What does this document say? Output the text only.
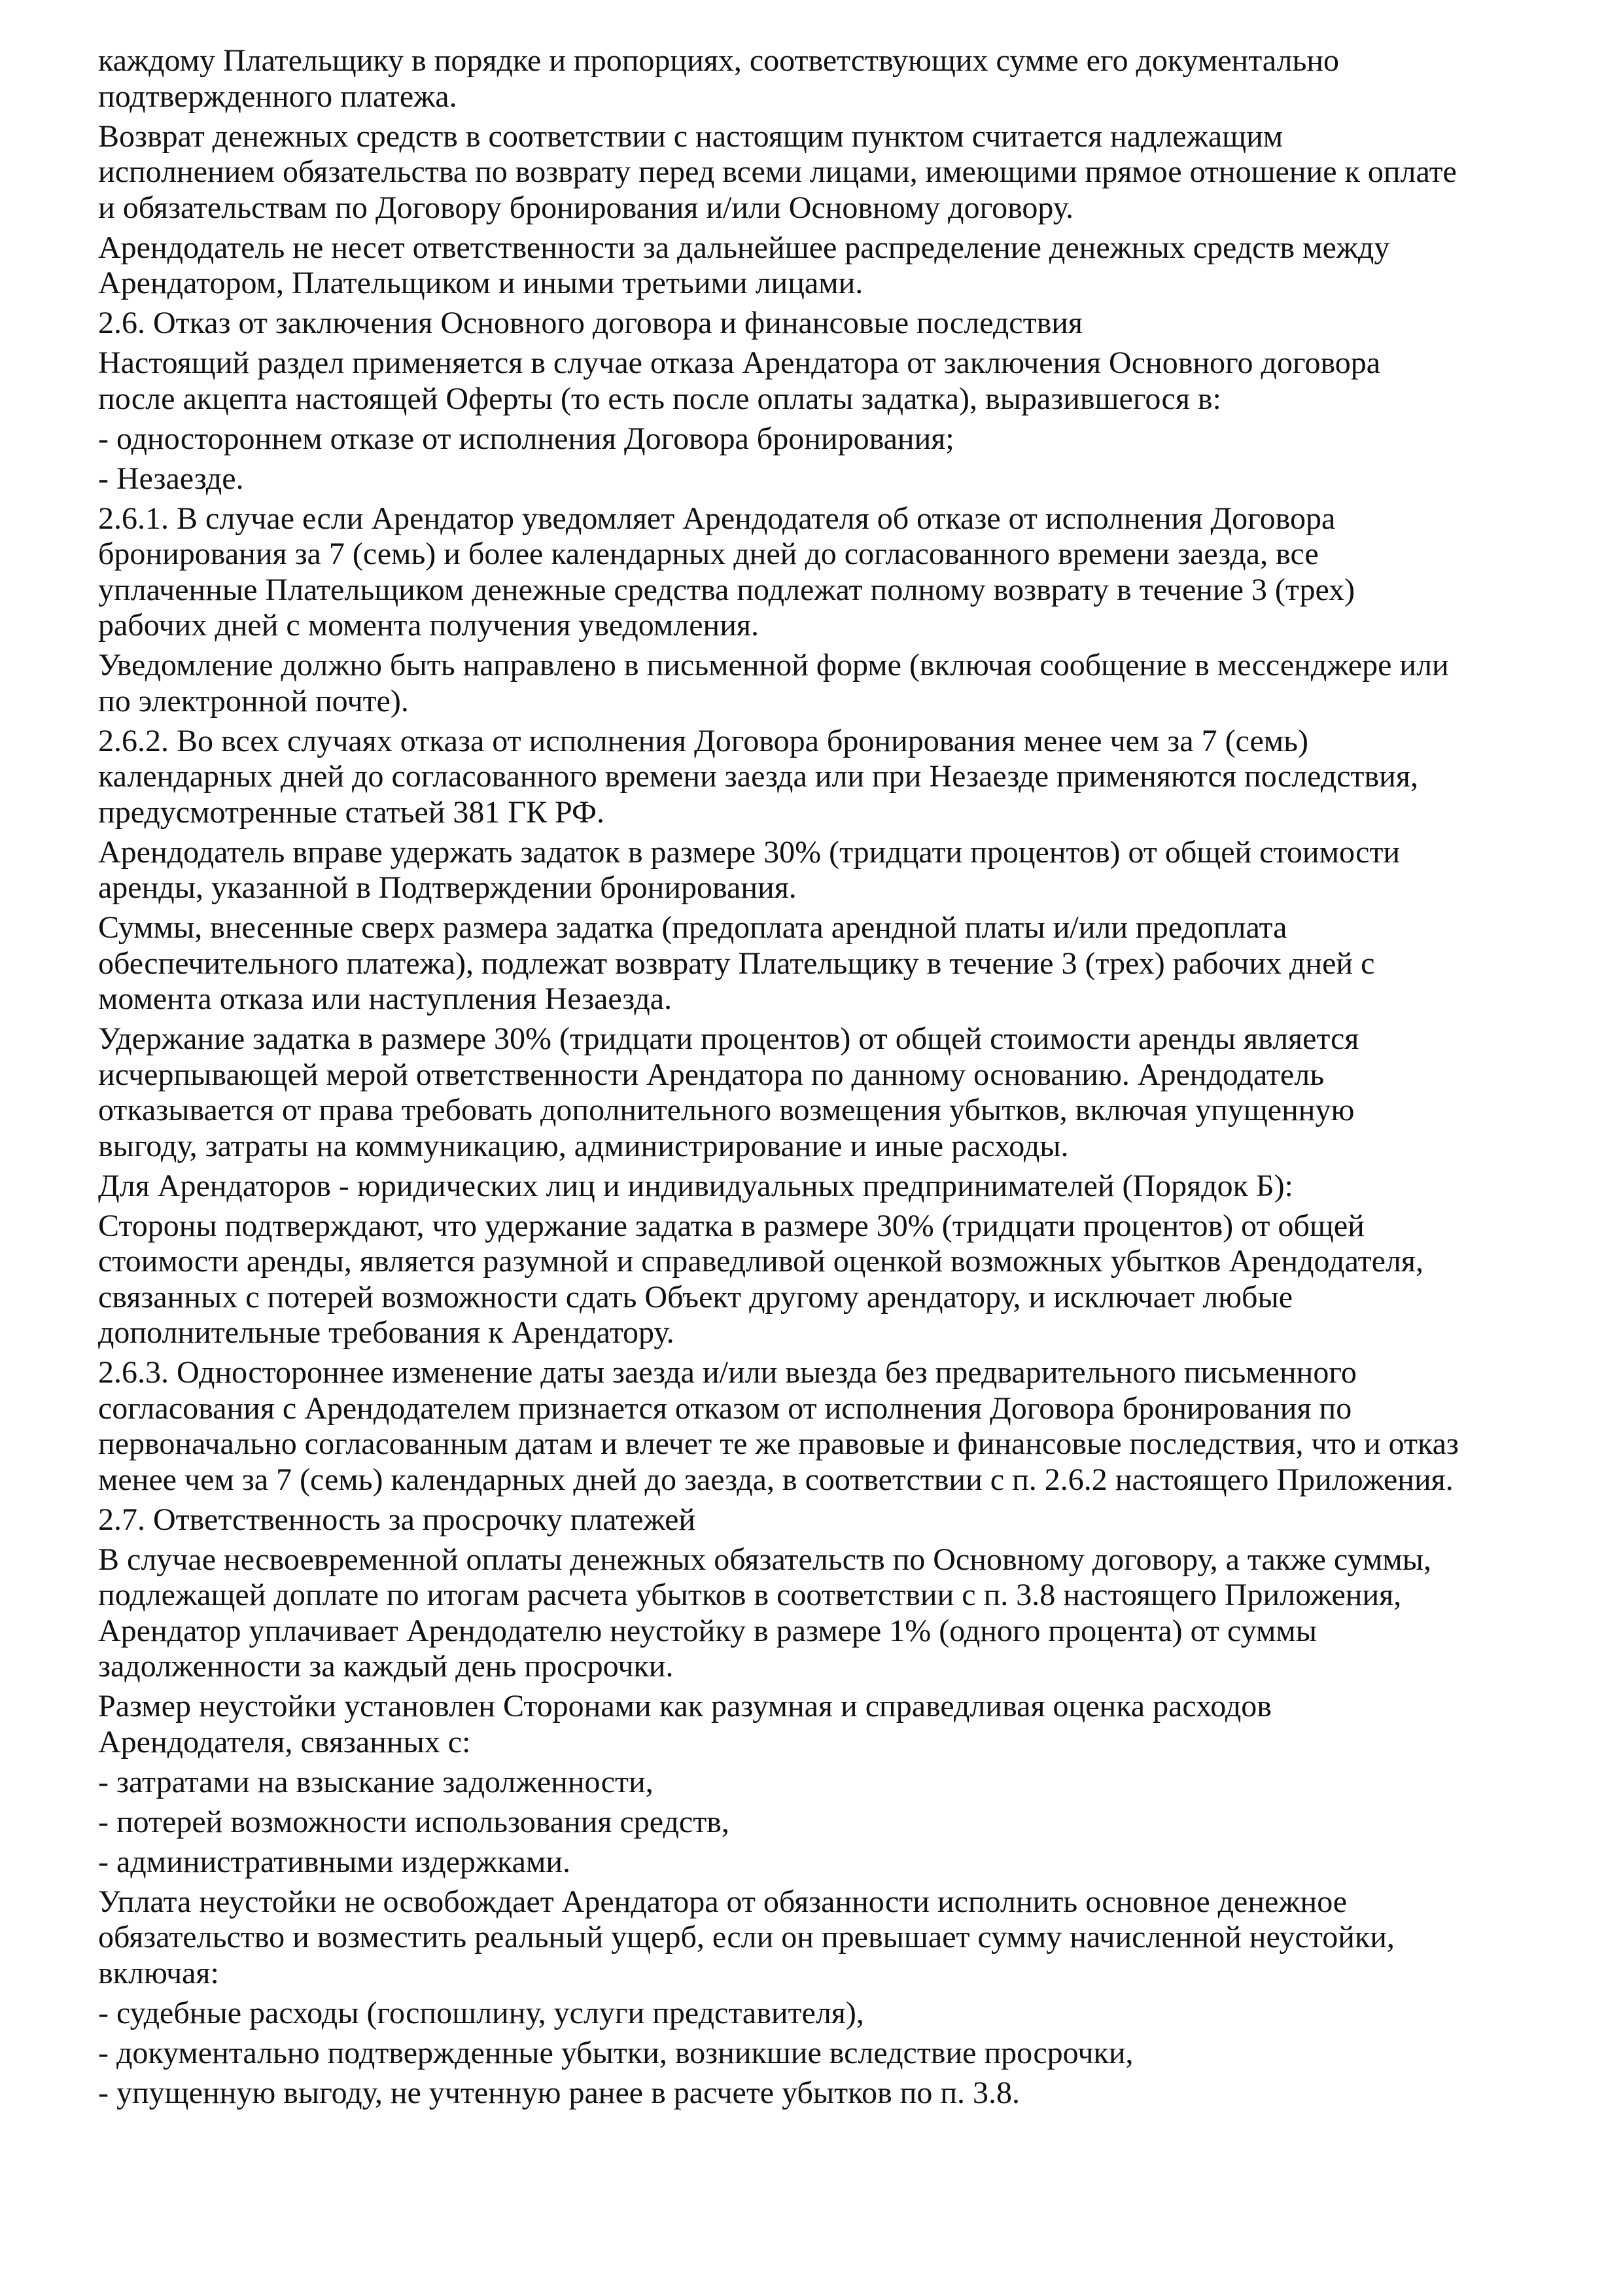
каждому Плательщику в порядке и пропорциях, соответствующих сумме его документально
подтвержденного платежа.
Возврат денежных средств в соответствии с настоящим пунктом считается надлежащим
исполнением обязательства по возврату перед всеми лицами, имеющими прямое отношение к оплате
и обязательствам по Договору бронирования и/или Основному договору.
Арендодатель не несет ответственности за дальнейшее распределение денежных средств между
Арендатором, Плательщиком и иными третьими лицами.
2.6. Отказ от заключения Основного договора и финансовые последствия
Настоящий раздел применяется в случае отказа Арендатора от заключения Основного договора
после акцепта настоящей Оферты (то есть после оплаты задатка), выразившегося в:
- одностороннем отказе от исполнения Договора бронирования;
- Незаезде.
2.6.1. В случае если Арендатор уведомляет Арендодателя об отказе от исполнения Договора
бронирования за 7 (семь) и более календарных дней до согласованного времени заезда, все
уплаченные Плательщиком денежные средства подлежат полному возврату в течение 3 (трех)
рабочих дней с момента получения уведомления.
Уведомление должно быть направлено в письменной форме (включая сообщение в мессенджере или
по электронной почте).
2.6.2. Во всех случаях отказа от исполнения Договора бронирования менее чем за 7 (семь)
календарных дней до согласованного времени заезда или при Незаезде применяются последствия,
предусмотренные статьей 381 ГК РФ.
Арендодатель вправе удержать задаток в размере 30% (тридцати процентов) от общей стоимости
аренды, указанной в Подтверждении бронирования.
Суммы, внесенные сверх размера задатка (предоплата арендной платы и/или предоплата
обеспечительного платежа), подлежат возврату Плательщику в течение 3 (трех) рабочих дней с
момента отказа или наступления Незаезда.
Удержание задатка в размере 30% (тридцати процентов) от общей стоимости аренды является
исчерпывающей мерой ответственности Арендатора по данному основанию. Арендодатель
отказывается от права требовать дополнительного возмещения убытков, включая упущенную
выгоду, затраты на коммуникацию, администрирование и иные расходы.
Для Арендаторов - юридических лиц и индивидуальных предпринимателей (Порядок Б):
Стороны подтверждают, что удержание задатка в размере 30% (тридцати процентов) от общей
стоимости аренды, является разумной и справедливой оценкой возможных убытков Арендодателя,
связанных с потерей возможности сдать Объект другому арендатору, и исключает любые
дополнительные требования к Арендатору.
2.6.3. Одностороннее изменение даты заезда и/или выезда без предварительного письменного
согласования с Арендодателем признается отказом от исполнения Договора бронирования по
первоначально согласованным датам и влечет те же правовые и финансовые последствия, что и отказ
менее чем за 7 (семь) календарных дней до заезда, в соответствии с п. 2.6.2 настоящего Приложения.
2.7. Ответственность за просрочку платежей
В случае несвоевременной оплаты денежных обязательств по Основному договору, а также суммы,
подлежащей доплате по итогам расчета убытков в соответствии с п. 3.8 настоящего Приложения,
Арендатор уплачивает Арендодателю неустойку в размере 1% (одного процента) от суммы
задолженности за каждый день просрочки.
Размер неустойки установлен Сторонами как разумная и справедливая оценка расходов
Арендодателя, связанных с:
- затратами на взыскание задолженности,
- потерей возможности использования средств,
- административными издержками.
Уплата неустойки не освобождает Арендатора от обязанности исполнить основное денежное
обязательство и возместить реальный ущерб, если он превышает сумму начисленной неустойки,
включая:
- судебные расходы (госпошлину, услуги представителя),
- документально подтвержденные убытки, возникшие вследствие просрочки,
- упущенную выгоду, не учтенную ранее в расчете убытков по п. 3.8.
